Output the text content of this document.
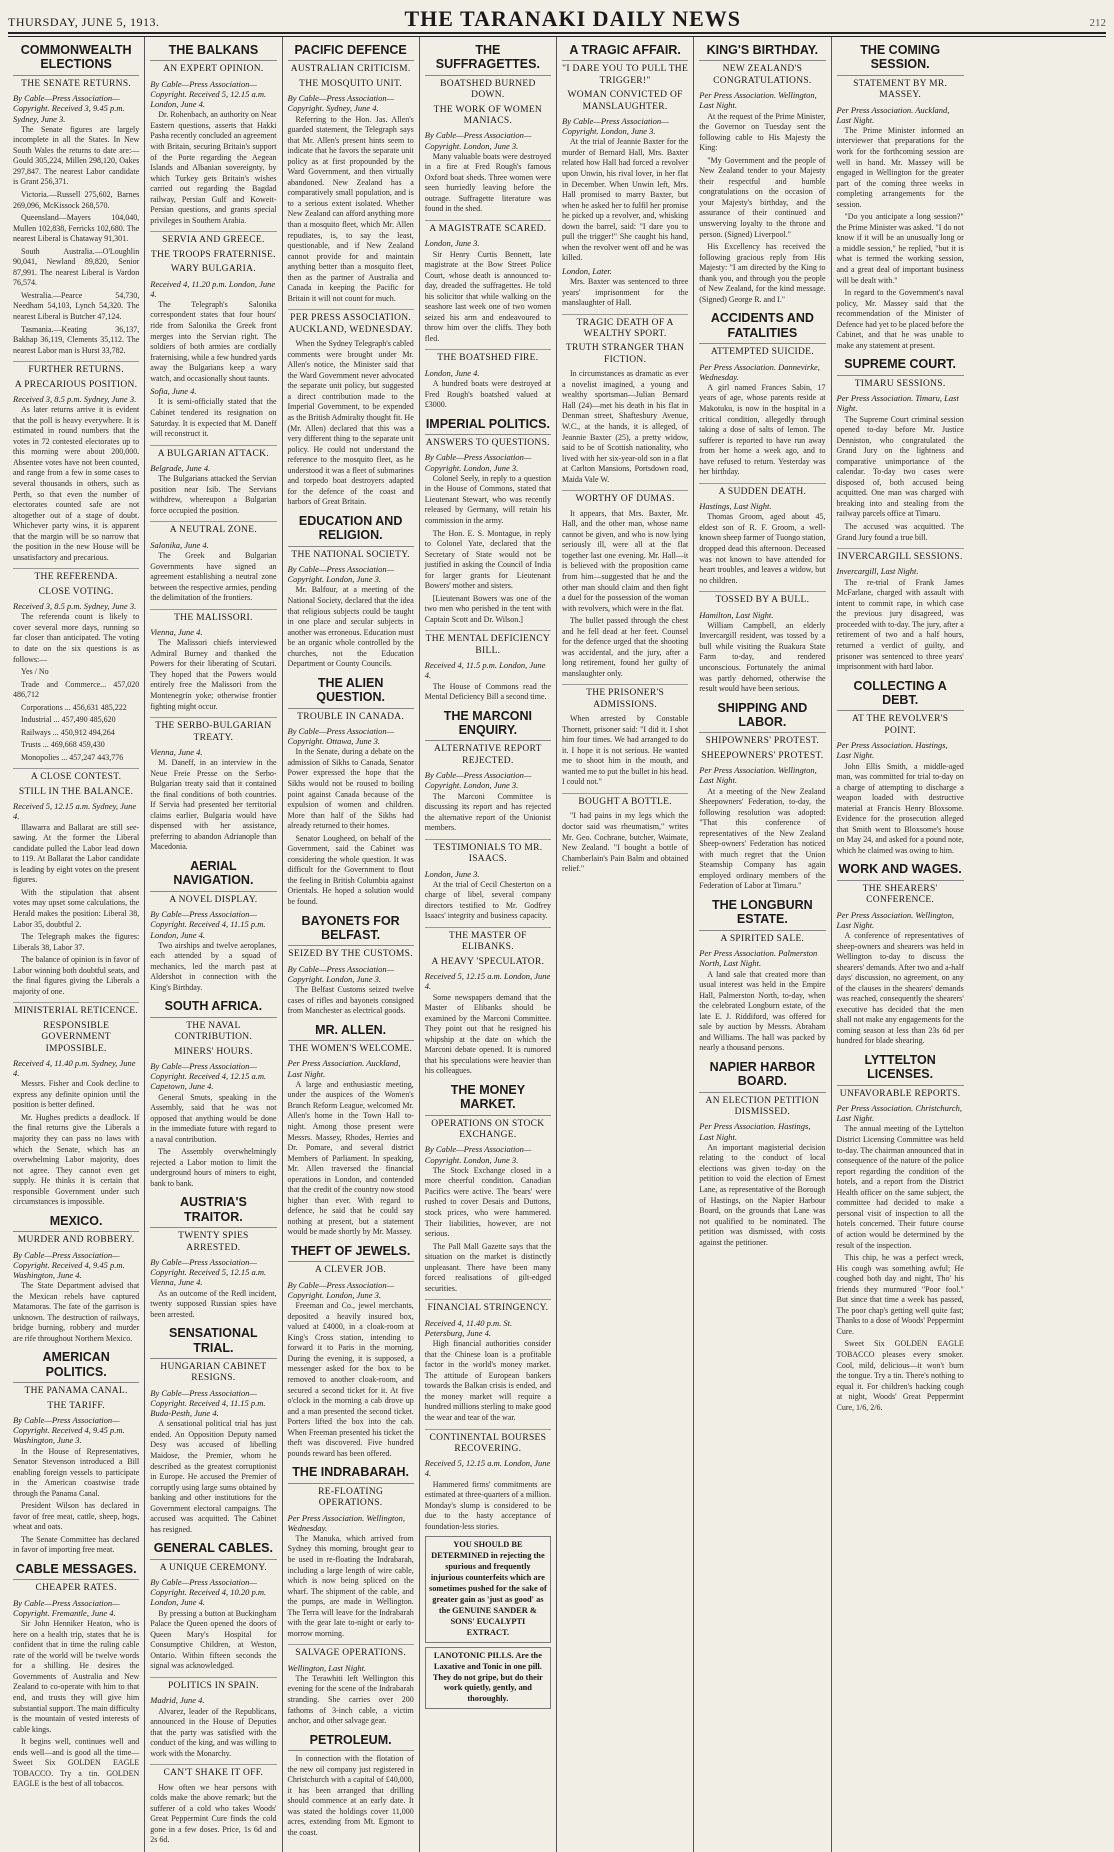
THURSDAY, JUNE 5, 1913.	THE TARANAKI DAILY NEWS	212
COMMONWEALTH ELECTIONS
THE SENATE RETURNS.
By Cable—Press Association—Copyright. Received 3, 9.45 p.m. Sydney, June 3.
The Senate figures are largely incomplete in all the States. In New South Wales the returns to date are:—Gould 305,224, Millen 298,120, Oakes 297,847. The nearest Labor candidate is Grant 256,371.
Victoria.—Russell 275,602, Barnes 269,096, McKissock 268,570.
Queensland—Mayers 104,040, Mullen 102,838, Ferricks 102,680. The nearest Liberal is Chataway 91,301.
South Australia.—O'Loughlin 90,041, Newland 89,820, Senior 87,991. The nearest Liberal is Vardon 76,574.
Westralia.—Pearce 54,730, Needham 54,103, Lynch 54,320. The nearest Liberal is Butcher 47,124.
Tasmania.—Keating 36,137, Bakhap 36,119, Clements 35,112. The nearest Labor man is Hurst 33,782.
FURTHER RETURNS.
A PRECARIOUS POSITION.
Received 3, 8.5 p.m. Sydney, June 3.
As later returns arrive it is evident that the poll is heavy everywhere. It is estimated in round numbers that the votes in 72 contested electorates up to this morning were about 200,000. Absentee votes have not been counted, and range from a few in some cases to several thousands in others, such as Perth, so that even the number of electorates counted safe are not altogether out of a stage of doubt. Whichever party wins, it is apparent that the margin will be so narrow that the position in the new House will be unsatisfactory and precarious.
THE REFERENDA.
CLOSE VOTING.
Received 3, 8.5 p.m. Sydney, June 3.
The referenda count is likely to cover several more days, running so far closer than anticipated. The voting to date on the six questions is as follows:—
Yes / No
Trade and Commerce... 457,020 486,712
Corporations ... 456,631 485,222
Industrial ... 457,490 485,620
Railways ... 450,912 494,264
Trusts ... 469,668 459,430
Monopolies ... 457,247 443,776
A CLOSE CONTEST.
STILL IN THE BALANCE.
Received 5, 12.15 a.m. Sydney, June 4.
Illawarra and Ballarat are still see-sawing. At the former the Liberal candidate pulled the Labor lead down to 119. At Ballarat the Labor candidate is leading by eight votes on the present figures.
With the stipulation that absent votes may upset some calculations, the Herald makes the position: Liberal 38, Labor 35, doubtful 2.
The Telegraph makes the figures: Liberals 38, Labor 37.
The balance of opinion is in favor of Labor winning both doubtful seats, and the final figures giving the Liberals a majority of one.
MINISTERIAL RETICENCE.
RESPONSIBLE GOVERNMENT IMPOSSIBLE.
Received 4, 11.40 p.m. Sydney, June 4.
Messrs. Fisher and Cook decline to express any definite opinion until the position is better defined.
Mr. Hughes predicts a deadlock. If the final returns give the Liberals a majority they can pass no laws with which the Senate, which has an overwhelming Labor majority, does not agree. They cannot even get supply. He thinks it is certain that responsible Government under such circumstances is impossible.
MEXICO.
MURDER AND ROBBERY.
By Cable—Press Association—Copyright. Received 4, 9.45 p.m. Washington, June 4.
The State Department advised that the Mexican rebels have captured Matamoras. The fate of the garrison is unknown. The destruction of railways, bridge burning, robbery and murder are rife throughout Northern Mexico.
AMERICAN POLITICS.
THE PANAMA CANAL.
THE TARIFF.
By Cable—Press Association—Copyright. Received 4, 9.45 p.m. Washington, June 3.
In the House of Representatives, Senator Stevenson introduced a Bill enabling foreign vessels to participate in the American coastwise trade through the Panama Canal.
President Wilson has declared in favor of free meat, cattle, sheep, hogs, wheat and oats.
The Senate Committee has declared in favor of importing free meat.
CABLE MESSAGES.
CHEAPER RATES.
By Cable—Press Association—Copyright. Fremantle, June 4.
Sir John Henniker Heaton, who is here on a health trip, states that he is confident that in time the ruling cable rate of the world will be twelve words for a shilling. He desires the Governments of Australia and New Zealand to co-operate with him to that end, and trusts they will give him substantial support. The main difficulty is the mountain of vested interests of cable kings.
It begins well, continues well and ends well—and is good all the time—Sweet Six GOLDEN EAGLE TOBACCO. Try a tin. GOLDEN EAGLE is the best of all tobaccos.
THE BALKANS
AN EXPERT OPINION.
By Cable—Press Association—Copyright. Received 5, 12.15 a.m. London, June 4.
Dr. Rohenbach, an authority on Near Eastern questions, asserts that Hakki Pasha recently concluded an agreement with Britain, securing Britain's support of the Porte regarding the Aegean Islands and Albanian sovereignty, by which Turkey gets Britain's wishes carried out regarding the Bagdad railway, Persian Gulf and Koweit-Persian questions, and grants special privileges in Southern Arabia.
SERVIA AND GREECE.
THE TROOPS FRATERNISE.
WARY BULGARIA.
Received 4, 11.20 p.m. London, June 4.
The Telegraph's Salonika correspondent states that four hours' ride from Salonika the Greek front merges into the Servian right. The soldiers of both armies are cordially fraternising, while a few hundred yards away the Bulgarians keep a wary watch, and occasionally shout taunts.
Sofia, June 4.
It is semi-officially stated that the Cabinet tendered its resignation on Saturday. It is expected that M. Daneff will reconstruct it.
A BULGARIAN ATTACK.
Belgrade, June 4.
The Bulgarians attacked the Servian position near Isib. The Servians withdrew, whereupon a Bulgarian force occupied the position.
A NEUTRAL ZONE.
Salonika, June 4.
The Greek and Bulgarian Governments have signed an agreement establishing a neutral zone between the respective armies, pending the delimitation of the frontiers.
THE MALISSORI.
Vienna, June 4.
The Malissori chiefs interviewed Admiral Burney and thanked the Powers for their liberating of Scutari. They hoped that the Powers would entirely free the Malissori from the Montenegrin yoke; otherwise frontier fighting might occur.
THE SERBO-BULGARIAN TREATY.
Vienna, June 4.
M. Daneff, in an interview in the Neue Freie Presse on the Serbo-Bulgarian treaty said that it contained the final conditions of both countries. If Servia had presented her territorial claims earlier, Bulgaria would have dispensed with her assistance, preferring to abandon Adrianople than Macedonia.
AERIAL NAVIGATION.
A NOVEL DISPLAY.
By Cable—Press Association—Copyright. Received 4, 11.15 p.m. London, June 4.
Two airships and twelve aeroplanes, each attended by a squad of mechanics, led the march past at Aldershot in connection with the King's Birthday.
SOUTH AFRICA.
THE NAVAL CONTRIBUTION.
MINERS' HOURS.
By Cable—Press Association—Copyright. Received 4, 12.15 a.m. Capetown, June 4.
General Smuts, speaking in the Assembly, said that he was not opposed that anything would be done in the immediate future with regard to a naval contribution.
The Assembly overwhelmingly rejected a Labor motion to limit the underground hours of miners to eight, bank to bank.
AUSTRIA'S TRAITOR.
TWENTY SPIES ARRESTED.
By Cable—Press Association—Copyright. Received 5, 12.15 a.m. Vienna, June 4.
As an outcome of the Redl incident, twenty supposed Russian spies have been arrested.
SENSATIONAL TRIAL.
HUNGARIAN CABINET RESIGNS.
By Cable—Press Association—Copyright. Received 4, 11.15 p.m. Buda-Pesth, June 4.
A sensational political trial has just ended. An Opposition Deputy named Desy was accused of libelling Maidose, the Premier, whom he described as the greatest corruptionist in Europe. He accused the Premier of corruptly using large sums obtained by banking and other institutions for the Government electoral campaigns. The accused was acquitted. The Cabinet has resigned.
GENERAL CABLES.
A UNIQUE CEREMONY.
By Cable—Press Association—Copyright. Received 4, 10.20 p.m. London, June 4.
By pressing a button at Buckingham Palace the Queen opened the doors of Queen Mary's Hospital for Consumptive Children, at Weston, Ontario. Within fifteen seconds the signal was acknowledged.
POLITICS IN SPAIN.
Madrid, June 4.
Alvarez, leader of the Republicans, announced in the House of Deputies that the party was satisfied with the conduct of the king, and was willing to work with the Monarchy.
CAN'T SHAKE IT OFF.
How often we hear persons with colds make the above remark; but the sufferer of a cold who takes Woods' Great Peppermint Cure finds the cold gone in a few doses. Price, 1s 6d and 2s 6d.
PACIFIC DEFENCE
AUSTRALIAN CRITICISM.
THE MOSQUITO UNIT.
By Cable—Press Association—Copyright. Sydney, June 4.
Referring to the Hon. Jas. Allen's guarded statement, the Telegraph says that Mr. Allen's present hints seem to indicate that he favors the separate unit policy as at first propounded by the Ward Government, and then virtually abandoned. New Zealand has a comparatively small population, and is to a serious extent isolated. Whether New Zealand can afford anything more than a mosquito fleet, which Mr. Allen repudiates, is, to say the least, questionable, and if New Zealand cannot provide for and maintain anything better than a mosquito fleet, then as the partner of Australia and Canada in keeping the Pacific for Britain it will not count for much.
PER PRESS ASSOCIATION. AUCKLAND, WEDNESDAY.
When the Sydney Telegraph's cabled comments were brought under Mr. Allen's notice, the Minister said that the Ward Government never advocated the separate unit policy, but suggested a direct contribution made to the Imperial Government, to be expended as the British Admiralty thought fit. He (Mr. Allen) declared that this was a very different thing to the separate unit policy. He could not understand the reference to the mosquito fleet, as he understood it was a fleet of submarines and torpedo boat destroyers adapted for the defence of the coast and harbors of Great Britain.
EDUCATION AND RELIGION.
THE NATIONAL SOCIETY.
By Cable—Press Association—Copyright. London, June 3.
Mr. Balfour, at a meeting of the National Society, declared that the idea that religious subjects could be taught in one place and secular subjects in another was erroneous. Education must be an organic whole controlled by the churches, not the Education Department or County Councils.
THE ALIEN QUESTION.
TROUBLE IN CANADA.
By Cable—Press Association—Copyright. Ottawa, June 3.
In the Senate, during a debate on the admission of Sikhs to Canada, Senator Power expressed the hope that the Sikhs would not be roused to boiling point against Canada because of the expulsion of women and children. More than half of the Sikhs had already returned to their homes.
Senator Lougheed, on behalf of the Government, said the Cabinet was considering the whole question. It was difficult for the Government to flout the feeling in British Columbia against Orientals. He hoped a solution would be found.
BAYONETS FOR BELFAST.
SEIZED BY THE CUSTOMS.
By Cable—Press Association—Copyright. London, June 3.
The Belfast Customs seized twelve cases of rifles and bayonets consigned from Manchester as electrical goods.
MR. ALLEN.
THE WOMEN'S WELCOME.
Per Press Association. Auckland, Last Night.
A large and enthusiastic meeting, under the auspices of the Women's Branch Reform League, welcomed Mr. Allen's home in the Town Hall to-night. Among those present were Messrs. Massey, Rhodes, Herries and Dr. Pomare, and several district Members of Parliament. In speaking, Mr. Allen traversed the financial operations in London, and contended that the credit of the country now stood higher than ever. With regard to defence, he said that he could say nothing at present, but a statement would be made shortly by Mr. Massey.
THEFT OF JEWELS.
A CLEVER JOB.
By Cable—Press Association—Copyright. London, June 3.
Freeman and Co., jewel merchants, deposited a heavily insured box, valued at £4000, in a cloak-room at King's Cross station, intending to forward it to Paris in the morning. During the evening, it is supposed, a messenger asked for the box to be removed to another cloak-room, and secured a second ticket for it. At five o'clock in the morning a cab drove up and a man presented the second ticket. Porters lifted the box into the cab. When Freeman presented his ticket the theft was discovered. Five hundred pounds reward has been offered.
THE INDRABARAH.
RE-FLOATING OPERATIONS.
Per Press Association. Wellington, Wednesday.
The Manuka, which arrived from Sydney this morning, brought gear to be used in re-floating the Indrabarah, including a large length of wire cable, which is now being spliced on the wharf. The shipment of the cable, and the pumps, are made in Wellington. The Terra will leave for the Indrabarah with the gear late to-night or early to-morrow morning.
SALVAGE OPERATIONS.
Wellington, Last Night.
The Terawhiti left Wellington this evening for the scene of the Indrabarah stranding. She carries over 200 fathoms of 3-inch cable, a victim anchor, and other salvage gear.
PETROLEUM.
In connection with the flotation of the new oil company just registered in Christchurch with a capital of £40,000, it has been arranged that drilling should commence at an early date. It was stated the holdings cover 11,000 acres, extending from Mt. Egmont to the coast.
THE SUFFRAGETTES.
BOATSHED BURNED DOWN.
THE WORK OF WOMEN MANIACS.
By Cable—Press Association—Copyright. London, June 3.
Many valuable boats were destroyed in a fire at Fred Rough's famous Oxford boat sheds. Three women were seen hurriedly leaving before the outrage. Suffragette literature was found in the shed.
A MAGISTRATE SCARED.
London, June 3.
Sir Henry Curtis Bennett, late magistrate at the Bow Street Police Court, whose death is announced to-day, dreaded the suffragettes. He told his solicitor that while walking on the seashore last week one of two women seized his arm and endeavoured to throw him over the cliffs. They both fled.
THE BOATSHED FIRE.
London, June 4.
A hundred boats were destroyed at Fred Rough's boatshed valued at £3000.
IMPERIAL POLITICS.
ANSWERS TO QUESTIONS.
By Cable—Press Association—Copyright. London, June 3.
Colonel Seely, in reply to a question in the House of Commons, stated that Lieutenant Stewart, who was recently released by Germany, will retain his commission in the army.
The Hon. E. S. Montague, in reply to Colonel Yate, declared that the Secretary of State would not be justified in asking the Council of India for larger grants for Lieutenant Bowers' mother and sisters.
[Lieutenant Bowers was one of the two men who perished in the tent with Captain Scott and Dr. Wilson.]
THE MENTAL DEFICIENCY BILL.
Received 4, 11.5 p.m. London, June 4.
The House of Commons read the Mental Deficiency Bill a second time.
THE MARCONI ENQUIRY.
ALTERNATIVE REPORT REJECTED.
By Cable—Press Association—Copyright. London, June 3.
The Marconi Committee is discussing its report and has rejected the alternative report of the Unionist members.
TESTIMONIALS TO MR. ISAACS.
London, June 3.
At the trial of Cecil Chesterton on a charge of libel, several company directors testified to Mr. Godfrey Isaacs' integrity and business capacity.
THE MASTER OF ELIBANKS.
A HEAVY 'SPECULATOR.
Received 5, 12.15 a.m. London, June 4.
Some newspapers demand that the Master of Elibanks should be examined by the Marconi Committee. They point out that he resigned his whipship at the date on which the Marconi debate opened. It is rumored that his speculations were heavier than his colleagues.
THE MONEY MARKET.
OPERATIONS ON STOCK EXCHANGE.
By Cable—Press Association—Copyright. London, June 3.
The Stock Exchange closed in a more cheerful condition. Canadian Pacifics were active. The 'bears' were rushed to cover Desais and Duttons, stock prices, who were hammered. Their liabilities, however, are not serious.
The Pall Mall Gazette says that the situation on the market is distinctly unpleasant. There have been many forced realisations of gilt-edged securities.
FINANCIAL STRINGENCY.
Received 4, 11.40 p.m. St. Petersburg, June 4.
High financial authorities consider that the Chinese loan is a profitable factor in the world's money market. The attitude of European bankers towards the Balkan crisis is ended, and the money market will require a hundred millions sterling to make good the wear and tear of the war.
CONTINENTAL BOURSES RECOVERING.
Received 5, 12.15 a.m. London, June 4.
Hammered firms' commitments are estimated at three-quarters of a million. Monday's slump is considered to be due to the hasty acceptance of foundation-less stories.
YOU SHOULD BE DETERMINED in rejecting the spurious and frequently injurious counterfeits which are sometimes pushed for the sake of greater gain as 'just as good' as the GENUINE SANDER & SONS' EUCALYPTI EXTRACT.
LANOTONIC PILLS. Are the Laxative and Tonic in one pill. They do not gripe, but do their work quietly, gently, and thoroughly.
A TRAGIC AFFAIR.
"I DARE YOU TO PULL THE TRIGGER!"
WOMAN CONVICTED OF MANSLAUGHTER.
By Cable—Press Association—Copyright. London, June 3.
At the trial of Jeannie Baxter for the murder of Bernard Hall, Mrs. Baxter related how Hall had forced a revolver upon Unwin, his rival lover, in her flat in December. When Unwin left, Mrs. Hall promised to marry Baxter, but when he asked her to fulfil her promise he picked up a revolver, and, whisking down the barrel, said: "I dare you to pull the trigger!" She caught his hand, when the revolver went off and he was killed.
London, Later.
Mrs. Baxter was sentenced to three years' imprisonment for the manslaughter of Hall.
TRAGIC DEATH OF A WEALTHY SPORT.
TRUTH STRANGER THAN FICTION.
In circumstances as dramatic as ever a novelist imagined, a young and wealthy sportsman—Julian Bernard Hall (24)—met his death in his flat in Denman street, Shaftesbury Avenue, W.C., at the hands, it is alleged, of Jeannie Baxter (25), a pretty widow, said to be of Scottish nationality, who lived with her six-year-old son in a flat at Carlton Mansions, Portsdown road, Maida Vale W.
WORTHY OF DUMAS.
It appears, that Mrs. Baxter, Mr. Hall, and the other man, whose name cannot be given, and who is now lying seriously ill, were all at the flat together last one evening. Mr. Hall—it is believed with the proposition came from him—suggested that he and the other man should claim and then fight a duel for the possession of the woman with revolvers, which were in the flat.
The bullet passed through the chest and he fell dead at her feet. Counsel for the defence urged that the shooting was accidental, and the jury, after a long retirement, found her guilty of manslaughter only.
THE PRISONER'S ADMISSIONS.
When arrested by Constable Thornett, prisoner said: "I did it. I shot him four times. We had arranged to do it. I hope it is not serious. He wanted me to shoot him in the mouth, and wanted me to put the bullet in his head. I could not."
BOUGHT A BOTTLE.
"I had pains in my legs which the doctor said was rheumatism," writes Mr. Geo. Cochrane, butcher, Waimate, New Zealand. "I bought a bottle of Chamberlain's Pain Balm and obtained relief."
KING'S BIRTHDAY.
NEW ZEALAND'S CONGRATULATIONS.
Per Press Association. Wellington, Last Night.
At the request of the Prime Minister, the Governor on Tuesday sent the following cable to His Majesty the King:
"My Government and the people of New Zealand tender to your Majesty their respectful and humble congratulations on the occasion of your Majesty's birthday, and the assurance of their continued and unswerving loyalty to the throne and person. (Signed) Liverpool."
His Excellency has received the following gracious reply from His Majesty: "I am directed by the King to thank you, and through you the people of New Zealand, for the kind message. (Signed) George R. and I."
ACCIDENTS AND FATALITIES
ATTEMPTED SUICIDE.
Per Press Association. Dannevirke, Wednesday.
A girl named Frances Sabin, 17 years of age, whose parents reside at Makotuku, is now in the hospital in a critical condition, allegedly through taking a dose of salts of lemon. The sufferer is reported to have run away from her home a week ago, and to have refused to return. Yesterday was her birthday.
A SUDDEN DEATH.
Hastings, Last Night.
Thomas Groom, aged about 45, eldest son of R. F. Groom, a well-known sheep farmer of Tuongo station, dropped dead this afternoon. Deceased was not known to have attended for heart troubles, and leaves a widow, but no children.
TOSSED BY A BULL.
Hamilton, Last Night.
William Campbell, an elderly Invercargill resident, was tossed by a bull while visiting the Ruakura State Farm to-day, and rendered unconscious. Fortunately the animal was partly dehorned, otherwise the result would have been serious.
SHIPPING AND LABOR.
SHIPOWNERS' PROTEST.
SHEEPOWNERS' PROTEST.
Per Press Association. Wellington, Last Night.
At a meeting of the New Zealand Sheepowners' Federation, to-day, the following resolution was adopted: "That this conference of representatives of the New Zealand Sheep-owners' Federation has noticed with much regret that the Union Steamship Company has again employed ordinary members of the Federation of Labor at Timaru."
THE LONGBURN ESTATE.
A SPIRITED SALE.
Per Press Association. Palmerston North, Last Night.
A land sale that created more than usual interest was held in the Empire Hall, Palmerston North, to-day, when the celebrated Longburn estate, of the late E. J. Riddiford, was offered for sale by auction by Messrs. Abraham and Williams. The hall was packed by nearly a thousand persons.
NAPIER HARBOR BOARD.
AN ELECTION PETITION DISMISSED.
Per Press Association. Hastings, Last Night.
An important magisterial decision relating to the conduct of local elections was given to-day on the petition to void the election of Ernest Lane, as representative of the Borough of Hastings, on the Napier Harbour Board, on the grounds that Lane was not qualified to be nominated. The petition was dismissed, with costs against the petitioner.
THE COMING SESSION.
STATEMENT BY MR. MASSEY.
Per Press Association. Auckland, Last Night.
The Prime Minister informed an interviewer that preparations for the work for the forthcoming session are well in hand. Mr. Massey will be engaged in Wellington for the greater part of the coming three weeks in completing arrangements for the session.
"Do you anticipate a long session?" the Prime Minister was asked. "I do not know if it will be an unusually long or a middle session," he replied, "but it is what is termed the working session, and a great deal of important business will be dealt with."
In regard to the Government's naval policy, Mr. Massey said that the recommendation of the Minister of Defence had yet to be placed before the Cabinet, and that he was unable to make any statement at present.
SUPREME COURT.
TIMARU SESSIONS.
Per Press Association. Timaru, Last Night.
The Supreme Court criminal session opened to-day before Mr. Justice Denniston, who congratulated the Grand Jury on the lightness and comparative unimportance of the calendar. To-day two cases were disposed of, both accused being acquitted. One man was charged with breaking into and stealing from the railway parcels office at Timaru.
The accused was acquitted. The Grand Jury found a true bill.
INVERCARGILL SESSIONS.
Invercargill, Last Night.
The re-trial of Frank James McFarlane, charged with assault with intent to commit rape, in which case the previous jury disagreed, was proceeded with to-day. The jury, after a retirement of two and a half hours, returned a verdict of guilty, and prisoner was sentenced to three years' imprisonment with hard labor.
COLLECTING A DEBT.
AT THE REVOLVER'S POINT.
Per Press Association. Hastings, Last Night.
John Ellis Smith, a middle-aged man, was committed for trial to-day on a charge of attempting to discharge a weapon loaded with destructive material at Francis Henry Bloxsome. Evidence for the prosecution alleged that Smith went to Bloxsome's house on May 24, and asked for a pound note, which he claimed was owing to him.
WORK AND WAGES.
THE SHEARERS' CONFERENCE.
Per Press Association. Wellington, Last Night.
A conference of representatives of sheep-owners and shearers was held in Wellington to-day to discuss the shearers' demands. After two and a-half days' discussion, no agreement, on any of the clauses in the shearers' demands was reached, consequently the shearers' executive has decided that the men shall not make any engagements for the coming season at less than 23s 6d per hundred for blade shearing.
LYTTELTON LICENSES.
UNFAVORABLE REPORTS.
Per Press Association. Christchurch, Last Night.
The annual meeting of the Lyttelton District Licensing Committee was held to-day. The chairman announced that in consequence of the nature of the police report regarding the condition of the hotels, and a report from the District Health officer on the same subject, the committee had decided to make a personal visit of inspection to all the hotels concerned. Their future course of action would be determined by the result of the inspection.
This chip, he was a perfect wreck, His cough was something awful; He coughed both day and night, Tho' his friends they murmured "Poor fool." But since that time a week has passed, The poor chap's getting well quite fast; Thanks to a dose of Woods' Peppermint Cure.
Sweet Six GOLDEN EAGLE TOBACCO pleases every smoker. Cool, mild, delicious—it won't burn the tongue. Try a tin. There's nothing to equal it. For children's hacking cough at night, Woods' Great Peppermint Cure, 1/6, 2/6.
